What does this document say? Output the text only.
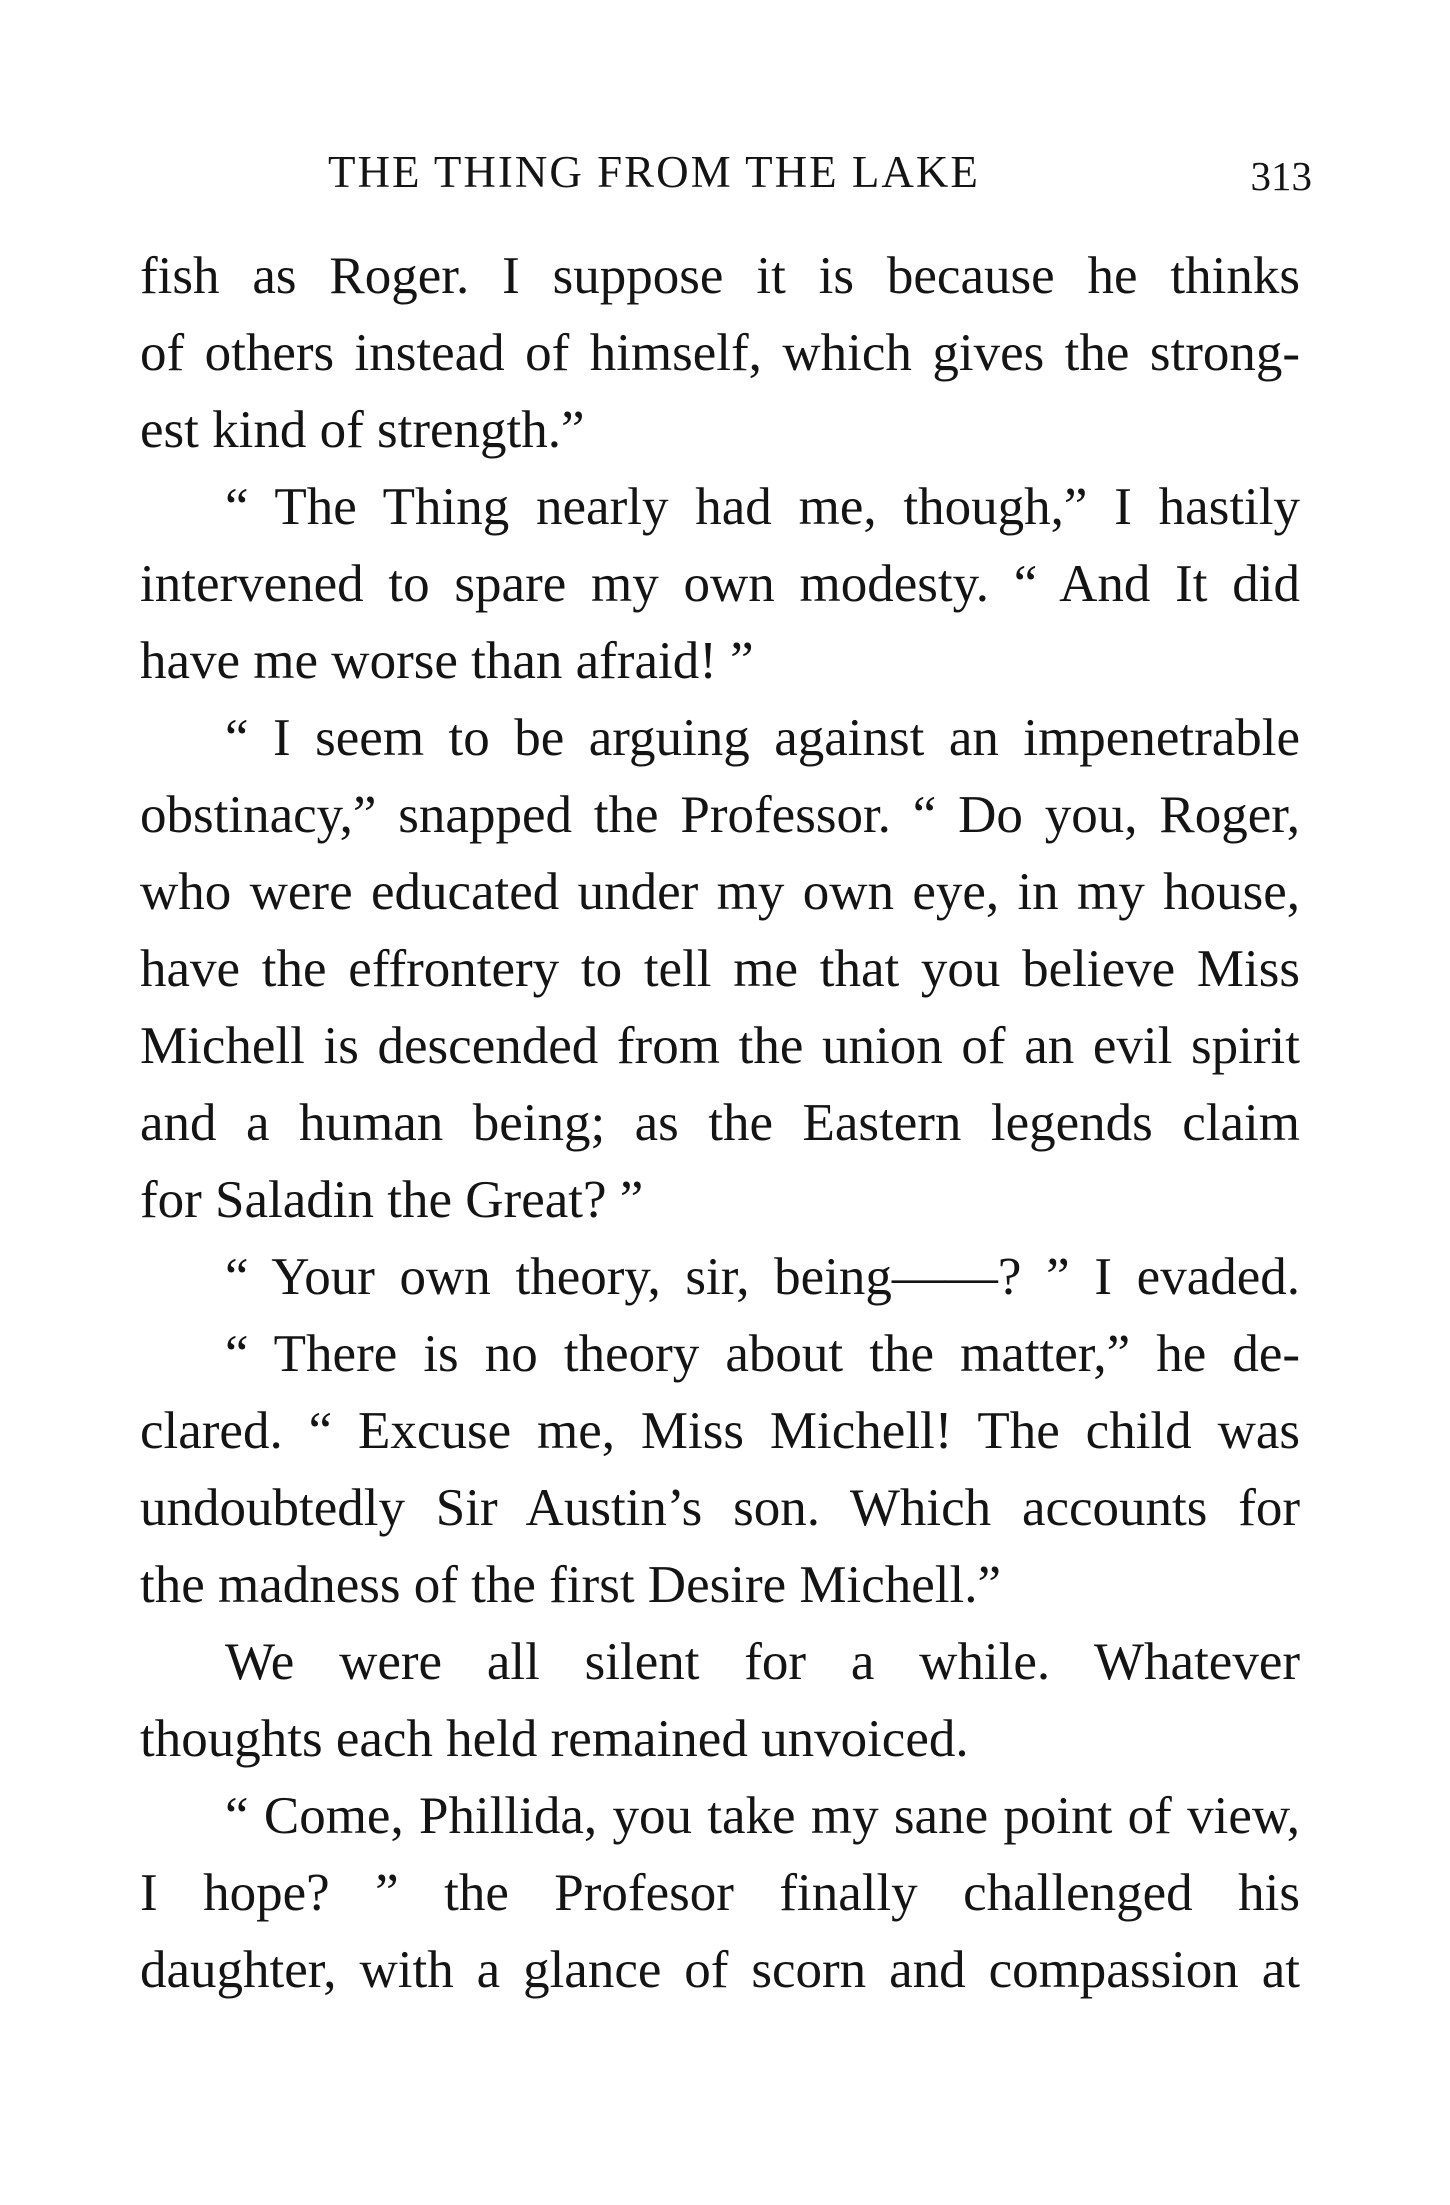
THE THING FROM THE LAKE	313
fish as Roger. I suppose it is because he thinks
of others instead of himself, which gives the strong-
est kind of strength.”
“ The Thing nearly had me, though,” I hastily
intervened to spare my own modesty. “ And It did
have me worse than afraid! ”
“ I seem to be arguing against an impenetrable
obstinacy,” snapped the Professor. “ Do you, Roger,
who were educated under my own eye, in my house,
have the effrontery to tell me that you believe Miss
Michell is descended from the union of an evil spirit
and a human being; as the Eastern legends claim
for Saladin the Great? ”
“ Your own theory, sir, being——? ” I evaded.
“ There is no theory about the matter,” he de-
clared. “ Excuse me, Miss Michell! The child was
undoubtedly Sir Austin’s son. Which accounts for
the madness of the first Desire Michell.”
We were all silent for a while. Whatever
thoughts each held remained unvoiced.
“ Come, Phillida, you take my sane point of view,
I hope? ” the Profesor finally challenged his
daughter, with a glance of scorn and compassion at
